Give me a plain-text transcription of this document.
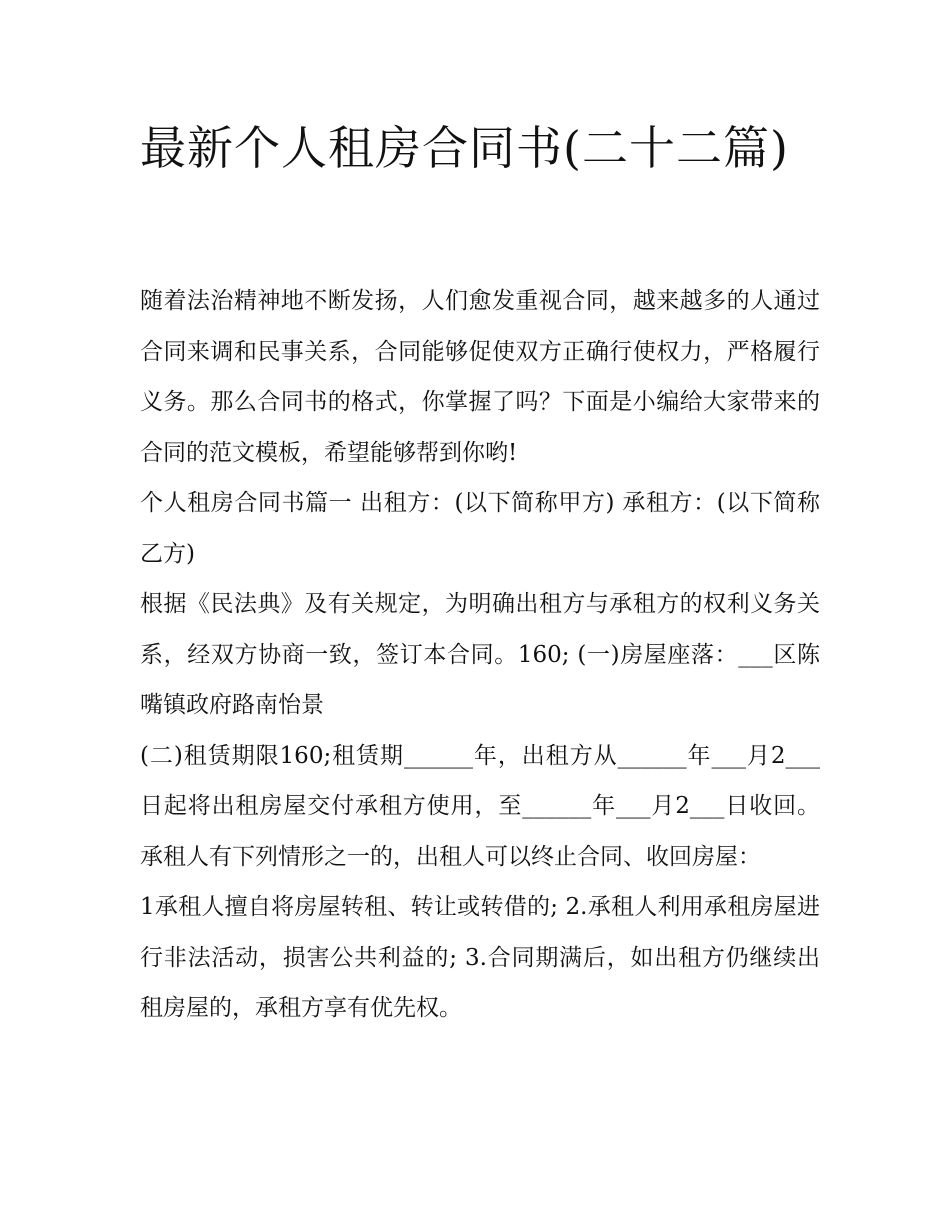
最新个人租房合同书(二十二篇)

随着法治精神地不断发扬，人们愈发重视合同，越来越多的人通过合同来调和民事关系，合同能够促使双方正确行使权力，严格履行义务。那么合同书的格式，你掌握了吗？下面是小编给大家带来的合同的范文模板，希望能够帮到你哟!

个人租房合同书篇一 出租方：(以下简称甲方) 承租方：(以下简称乙方)

根据《民法典》及有关规定，为明确出租方与承租方的权利义务关系，经双方协商一致，签订本合同。160; (一)房屋座落：___区陈嘴镇政府路南怡景

(二)租赁期限160;租赁期______年，出租方从______年___月2___日起将出租房屋交付承租方使用，至______年___月2___日收回。承租人有下列情形之一的，出租人可以终止合同、收回房屋：

1承租人擅自将房屋转租、转让或转借的; 2.承租人利用承租房屋进行非法活动，损害公共利益的; 3.合同期满后，如出租方仍继续出租房屋的，承租方享有优先权。
